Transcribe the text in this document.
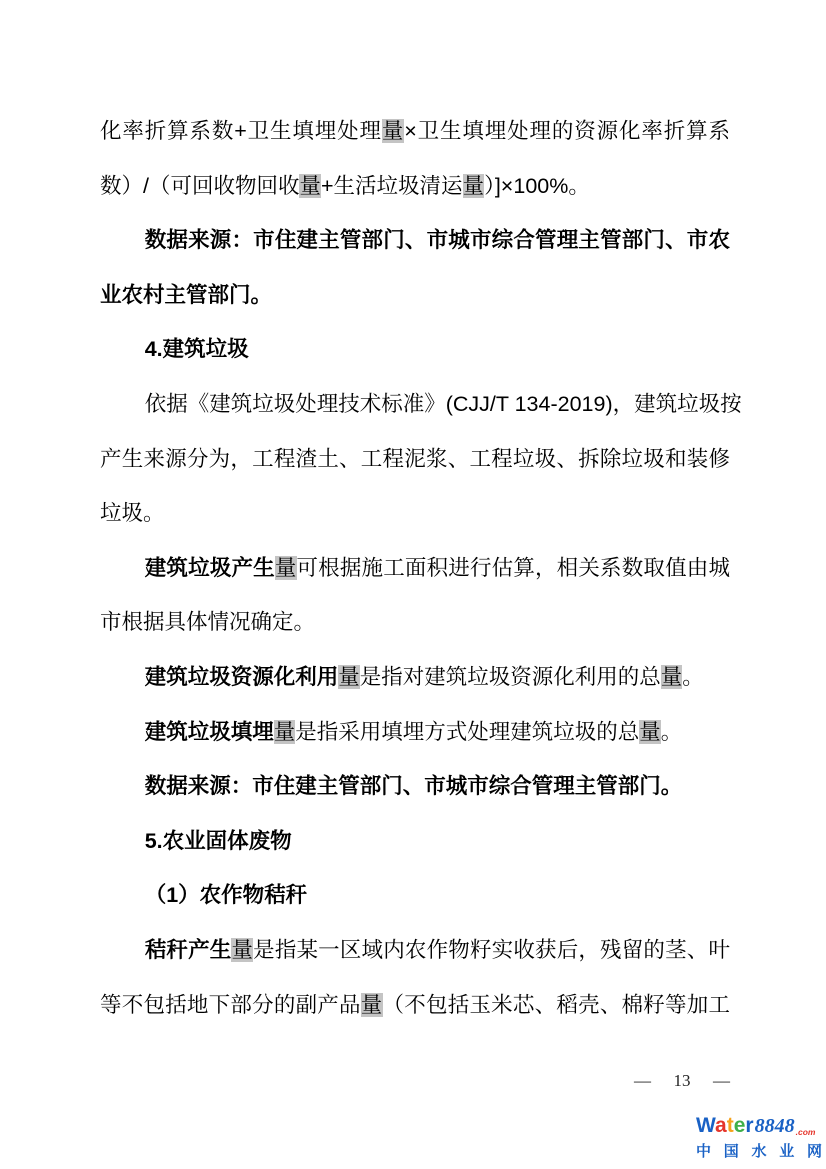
化率折算系数+卫生填埋处理量×卫生填埋处理的资源化率折算系

数）/（可回收物回收量+生活垃圾清运量）]×100%。

数据来源：市住建主管部门、市城市综合管理主管部门、市农

业农村主管部门。

4.建筑垃圾

依据《建筑垃圾处理技术标准》(CJJ/T 134-2019)，建筑垃圾按

产生来源分为，工程渣土、工程泥浆、工程垃圾、拆除垃圾和装修

垃圾。

建筑垃圾产生量可根据施工面积进行估算，相关系数取值由城

市根据具体情况确定。

建筑垃圾资源化利用量是指对建筑垃圾资源化利用的总量。

建筑垃圾填埋量是指采用填埋方式处理建筑垃圾的总量。

数据来源：市住建主管部门、市城市综合管理主管部门。

5.农业固体废物

（1）农作物秸秆

秸秆产生量是指某一区域内农作物籽实收获后，残留的茎、叶

等不包括地下部分的副产品量（不包括玉米芯、稻壳、棉籽等加工

— 13 —
Water 8848 .com
中 国 水 业 网
